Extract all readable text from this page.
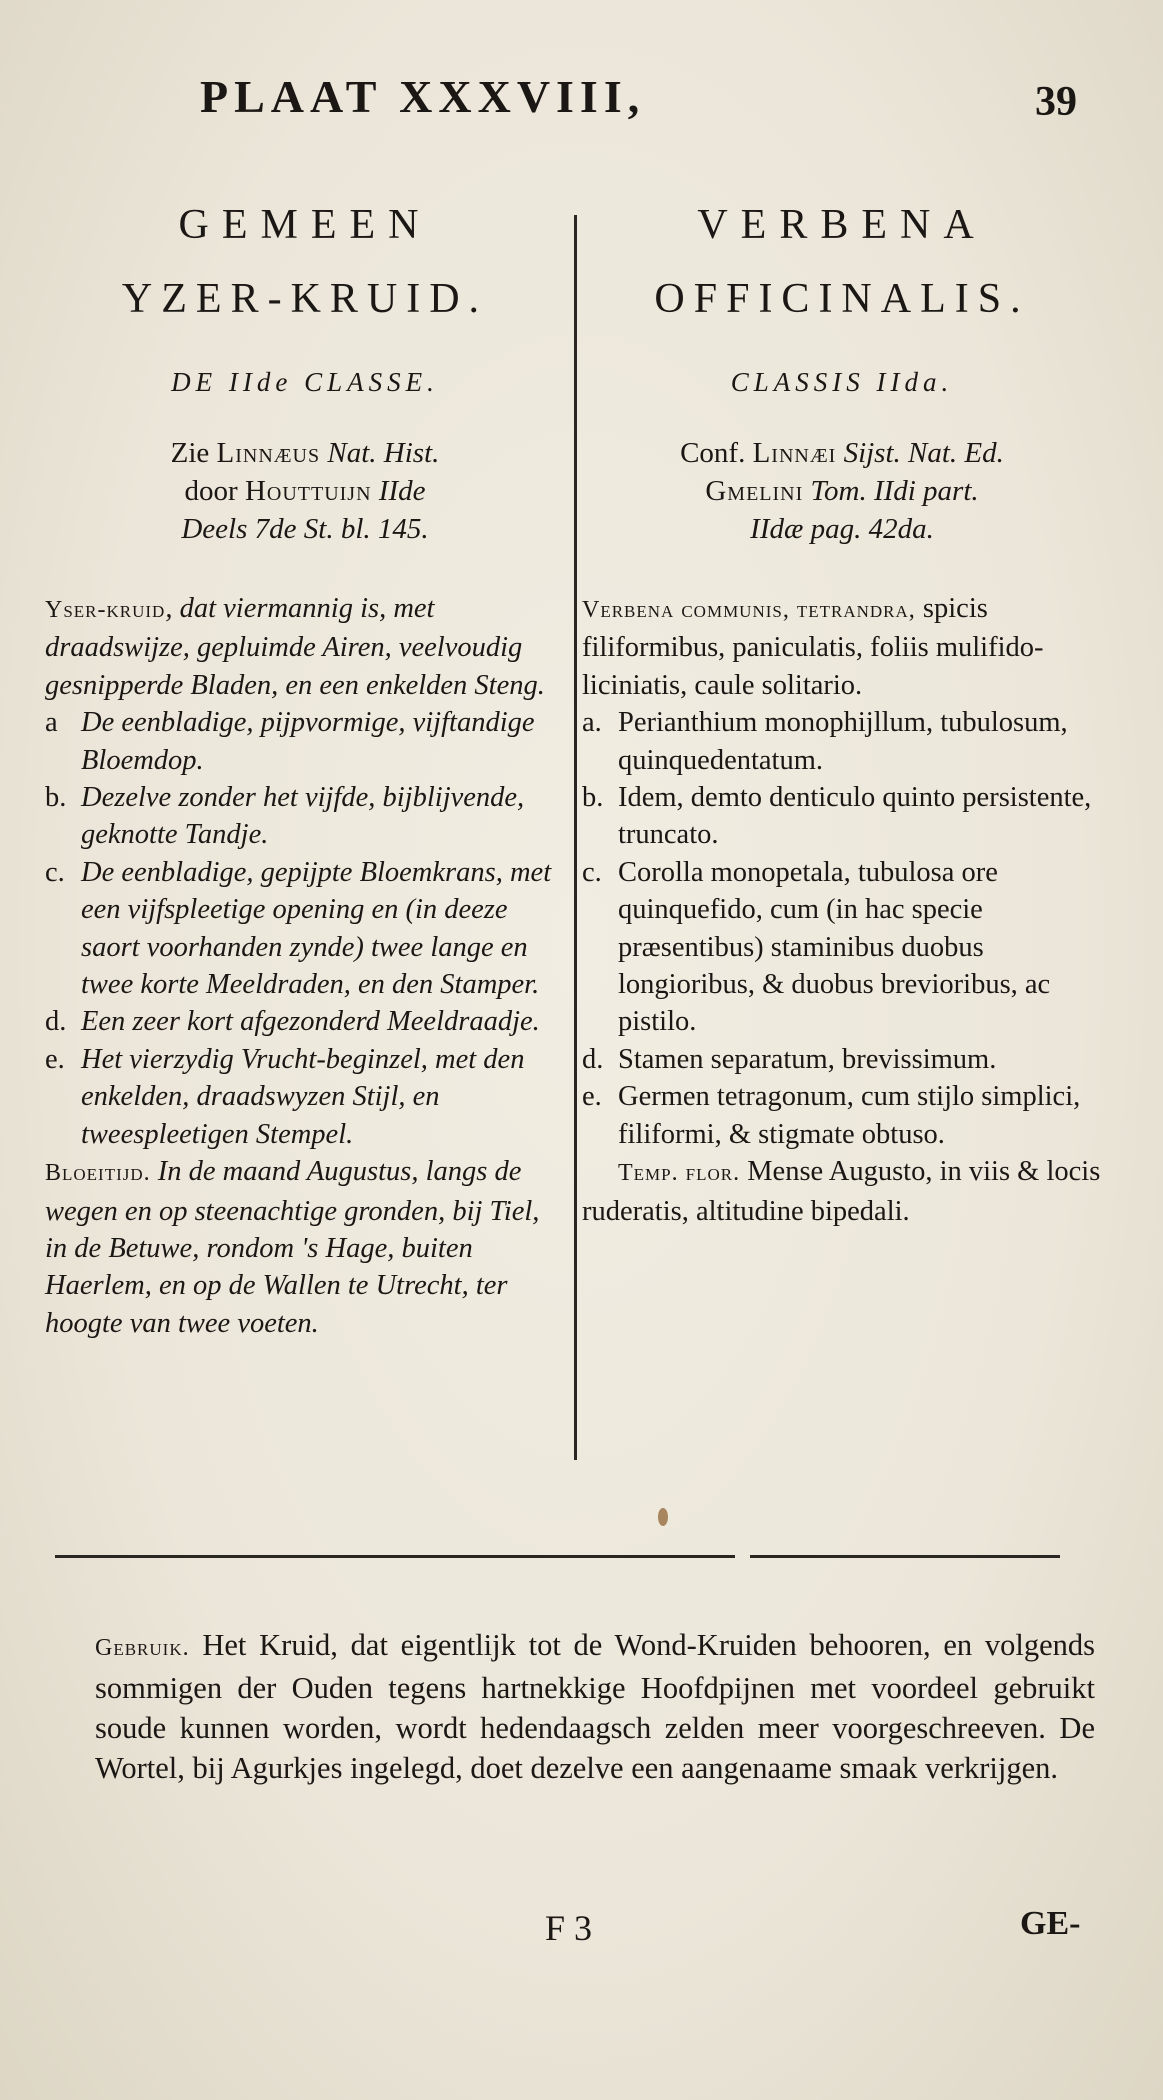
PLAAT XXXVIII,	39

GEMEEN

YZER-KRUID.

DE IIde CLASSE.
Zie Linnæus Nat. Hist.
door Houttuijn IIde
Deels 7de St. bl. 145.

Yser-kruid, dat viermannig is, met draadswijze, gepluimde Airen, veelvoudig gesnipperde Bladen, en een enkelden Steng.

a De eenbladige, pijpvormige, vijftandige Bloemdop.
b. Dezelve zonder het vijfde, bijblijvende, geknotte Tandje.
c. De eenbladige, gepijpte Bloemkrans, met een vijfspleetige opening en (in deeze saort voorhanden zynde) twee lange en twee korte Meeldraden, en den Stamper.
d. Een zeer kort afgezonderd Meeldraadje.
e. Het vierzydig Vrucht-beginzel, met den enkelden, draadswyzen Stijl, en tweespleetigen Stempel.

Bloeitijd. In de maand Augustus, langs de wegen en op steenachtige gronden, bij Tiel, in de Betuwe, rondom 's Hage, buiten Haerlem, en op de Wallen te Utrecht, ter hoogte van twee voeten.

VERBENA

OFFICINALIS.

CLASSIS IIda.
Conf. Linnæi Sijst. Nat. Ed.
Gmelini Tom. IIdi part.
IIdæ pag. 42da.

Verbena communis, tetrandra, spicis filiformibus, paniculatis, foliis mulifido-liciniatis, caule solitario.

a. Perianthium monophijllum, tubulosum, quinquedentatum.
b. Idem, demto denticulo quinto persistente, truncato.
c. Corolla monopetala, tubulosa ore quinquefido, cum (in hac specie præsentibus) staminibus duobus longioribus, & duobus brevioribus, ac pistilo.
d. Stamen separatum, brevissimum.
e. Germen tetragonum, cum stijlo simplici, filiformi, & stigmate obtuso.

Temp. flor. Mense Augusto, in viis & locis ruderatis, altitudine bipedali.

Gebruik. Het Kruid, dat eigentlijk tot de Wond-Kruiden behooren, en volgends sommigen der Ouden tegens hartnekkige Hoofdpijnen met voordeel gebruikt soude kunnen worden, wordt hedendaagsch zelden meer voorgeschreeven. De Wortel, bij Agurkjes ingelegd, doet dezelve een aangenaame smaak verkrijgen.
F 3	GE-
